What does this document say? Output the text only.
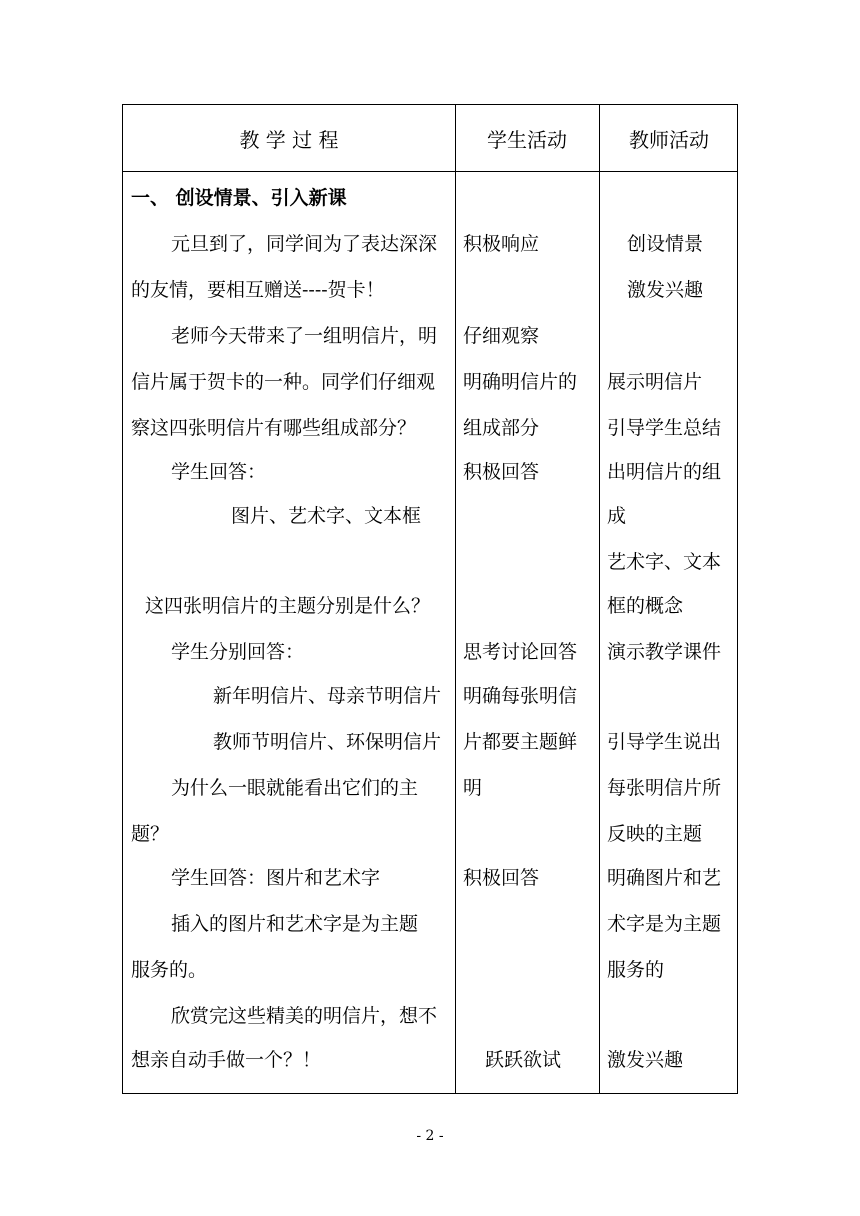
教 学 过 程	学生活动	教师活动
一、 创设情景、引入新课
元旦到了，同学间为了表达深深
的友情，要相互赠送----贺卡！
老师今天带来了一组明信片，明
信片属于贺卡的一种。同学们仔细观
察这四张明信片有哪些组成部分？
学生回答：
图片、艺术字、文本框
这四张明信片的主题分别是什么？
学生分别回答：
新年明信片、母亲节明信片
教师节明信片、环保明信片
为什么一眼就能看出它们的主
题？
学生回答：图片和艺术字
插入的图片和艺术字是为主题
服务的。
欣赏完这些精美的明信片，想不
想亲自动手做一个？！
积极响应
仔细观察
明确明信片的
组成部分
积极回答
思考讨论回答
明确每张明信
片都要主题鲜
明
积极回答
跃跃欲试
创设情景
激发兴趣
展示明信片
引导学生总结
出明信片的组
成
艺术字、文本
框的概念
演示教学课件
引导学生说出
每张明信片所
反映的主题
明确图片和艺
术字是为主题
服务的
激发兴趣
- 2 -
